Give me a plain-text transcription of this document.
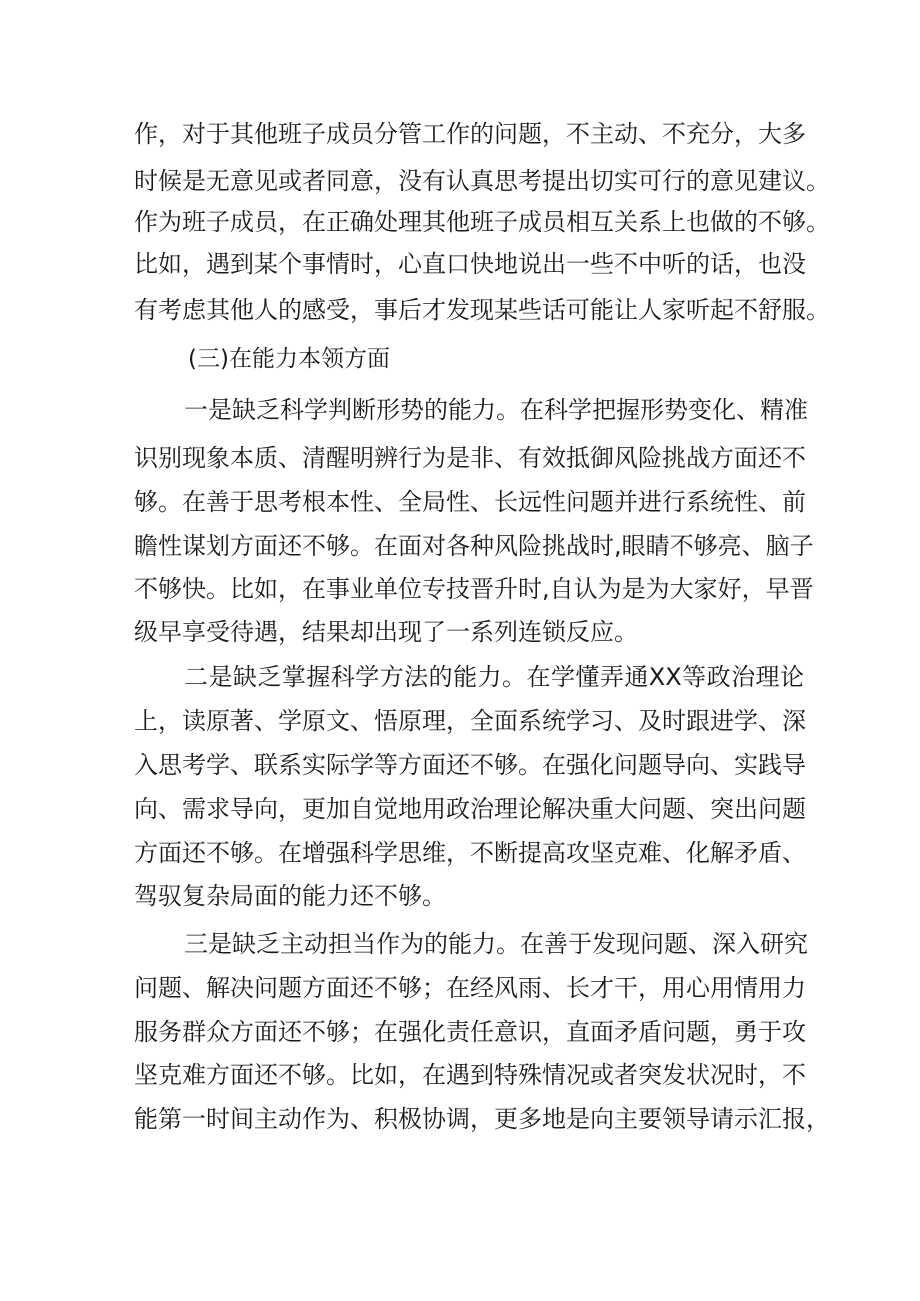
作，对于其他班子成员分管工作的问题，不主动、不充分，大多
时候是无意见或者同意，没有认真思考提出切实可行的意见建议。
作为班子成员，在正确处理其他班子成员相互关系上也做的不够。
比如，遇到某个事情时，心直口快地说出一些不中听的话，也没
有考虑其他人的感受，事后才发现某些话可能让人家听起不舒服。
(三)在能力本领方面
一是缺乏科学判断形势的能力。在科学把握形势变化、精准
识别现象本质、清醒明辨行为是非、有效抵御风险挑战方面还不
够。在善于思考根本性、全局性、长远性问题并进行系统性、前
瞻性谋划方面还不够。在面对各种风险挑战时,眼睛不够亮、脑子
不够快。比如，在事业单位专技晋升时,自认为是为大家好，早晋
级早享受待遇，结果却出现了一系列连锁反应。
二是缺乏掌握科学方法的能力。在学懂弄通XX等政治理论
上，读原著、学原文、悟原理，全面系统学习、及时跟进学、深
入思考学、联系实际学等方面还不够。在强化问题导向、实践导
向、需求导向，更加自觉地用政治理论解决重大问题、突出问题
方面还不够。在增强科学思维，不断提高攻坚克难、化解矛盾、
驾驭复杂局面的能力还不够。
三是缺乏主动担当作为的能力。在善于发现问题、深入研究
问题、解决问题方面还不够；在经风雨、长才干，用心用情用力
服务群众方面还不够；在强化责任意识，直面矛盾问题，勇于攻
坚克难方面还不够。比如，在遇到特殊情况或者突发状况时，不
能第一时间主动作为、积极协调，更多地是向主要领导请示汇报，
